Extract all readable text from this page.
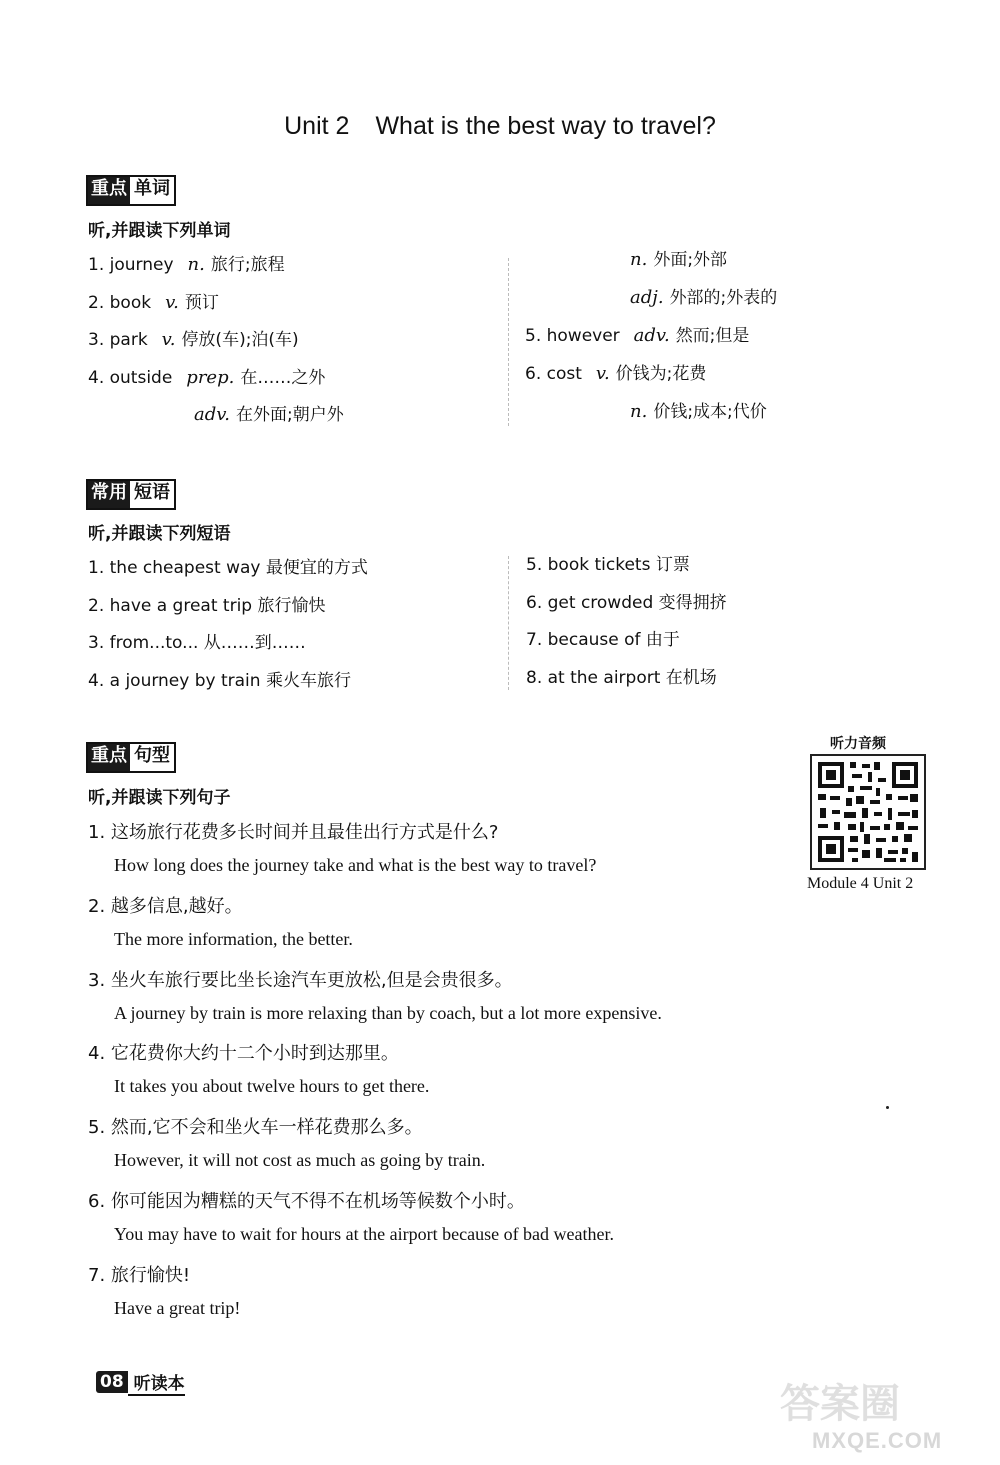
Unit 2 What is the best way to travel?
重点 单词
听,并跟读下列单词
1. journey n. 旅行;旅程
2. book v. 预订
3. park v. 停放(车);泊(车)
4. outside prep. 在……之外
adv. 在外面;朝户外
n. 外面;外部
adj. 外部的;外表的
5. however adv. 然而;但是
6. cost v. 价钱为;花费
n. 价钱;成本;代价
常用 短语
听,并跟读下列短语
1. the cheapest way 最便宜的方式
2. have a great trip 旅行愉快
3. from...to... 从……到……
4. a journey by train 乘火车旅行
5. book tickets 订票
6. get crowded 变得拥挤
7. because of 由于
8. at the airport 在机场
重点 句型
听,并跟读下列句子
1. 这场旅行花费多长时间并且最佳出行方式是什么?
How long does the journey take and what is the best way to travel?
2. 越多信息,越好。
The more information, the better.
3. 坐火车旅行要比坐长途汽车更放松,但是会贵很多。
A journey by train is more relaxing than by coach, but a lot more expensive.
4. 它花费你大约十二个小时到达那里。
It takes you about twelve hours to get there.
5. 然而,它不会和坐火车一样花费那么多。
However, it will not cost as much as going by train.
6. 你可能因为糟糕的天气不得不在机场等候数个小时。
You may have to wait for hours at the airport because of bad weather.
7. 旅行愉快!
Have a great trip!
听力音频
Module 4 Unit 2
08 听读本	答案圈
MXQE.COM
